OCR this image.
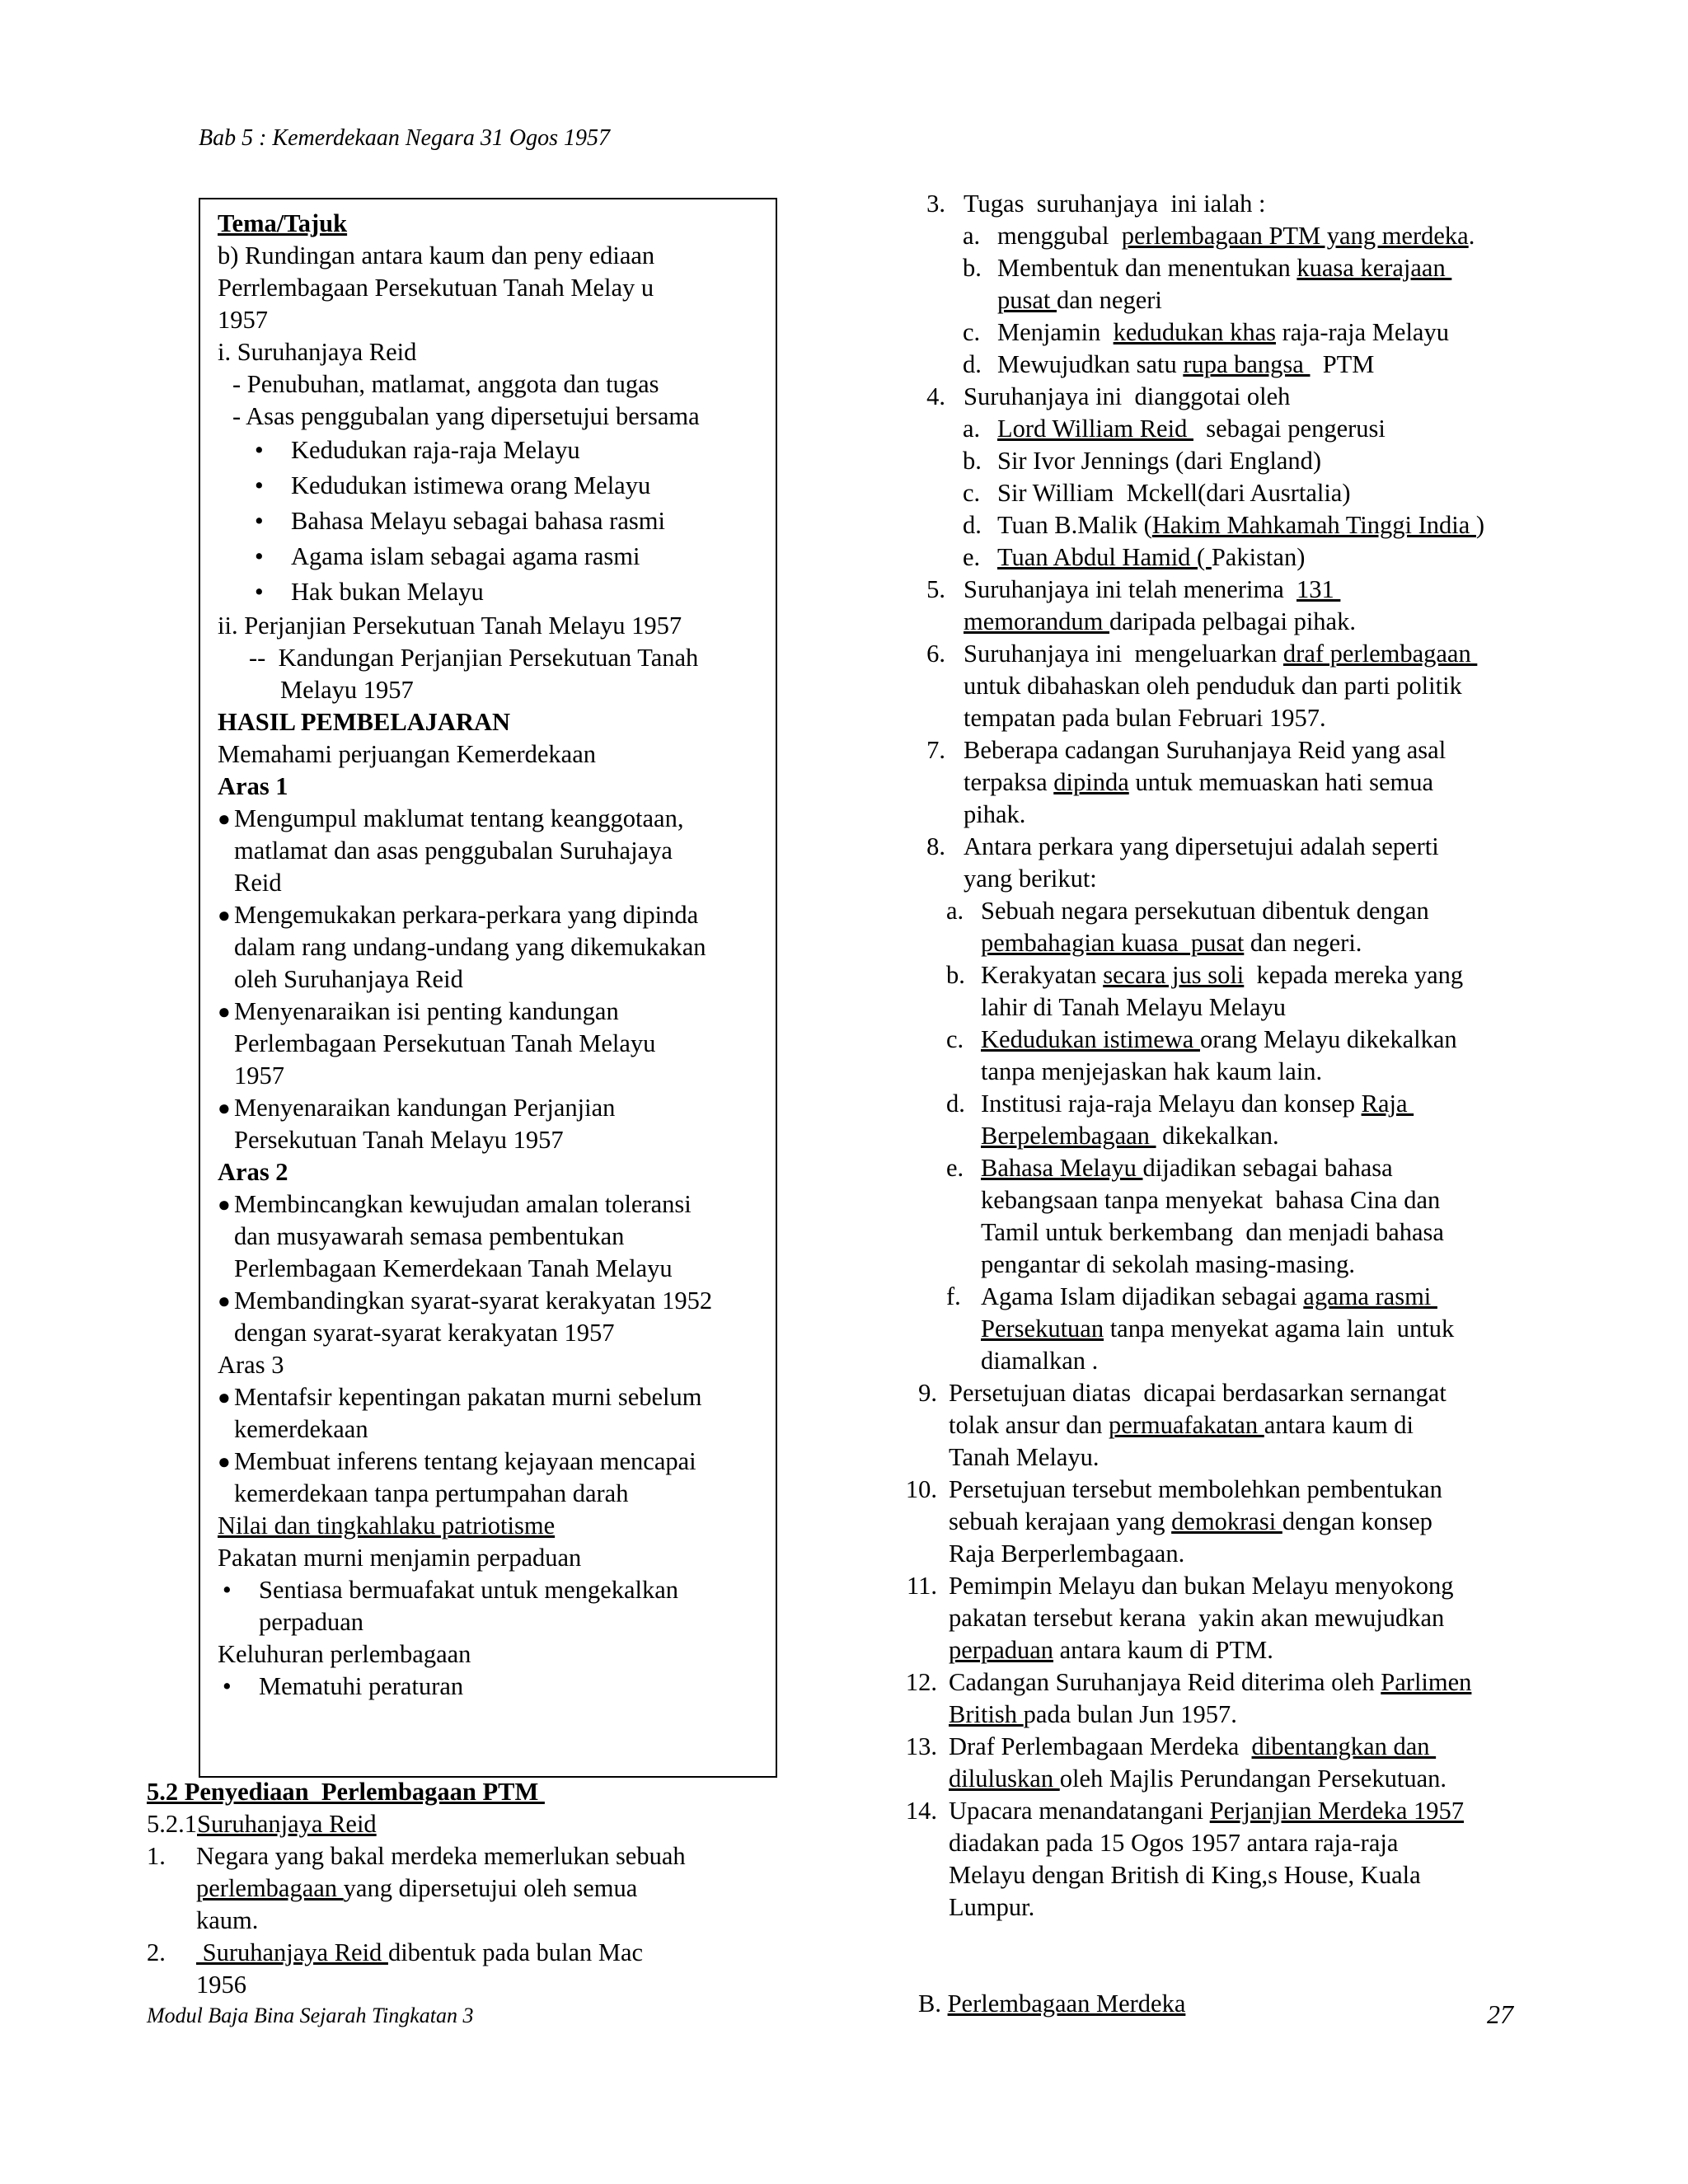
Bab 5 : Kemerdekaan Negara 31 Ogos 1957
Tema/Tajuk
b) Rundingan antara kaum dan peny ediaan
Perrlembagaan Persekutuan Tanah Melay u
1957
i. Suruhanjaya Reid
- Penubuhan, matlamat, anggota dan tugas
- Asas penggubalan yang dipersetujui bersama
• Kedudukan raja-raja Melayu
• Kedudukan istimewa orang Melayu
• Bahasa Melayu sebagai bahasa rasmi
• Agama islam sebagai agama rasmi
• Hak bukan Melayu
ii. Perjanjian Persekutuan Tanah Melayu 1957
--  Kandungan Perjanjian Persekutuan Tanah
Melayu 1957
HASIL PEMBELAJARAN
Memahami perjuangan Kemerdekaan
Aras 1
● Mengumpul maklumat tentang keanggotaan,
matlamat dan asas penggubalan Suruhajaya
Reid
● Mengemukakan perkara-perkara yang dipinda
dalam rang undang-undang yang dikemukakan
oleh Suruhanjaya Reid
● Menyenaraikan isi penting kandungan
Perlembagaan Persekutuan Tanah Melayu
1957
● Menyenaraikan kandungan Perjanjian
Persekutuan Tanah Melayu 1957
Aras 2
● Membincangkan kewujudan amalan toleransi
dan musyawarah semasa pembentukan
Perlembagaan Kemerdekaan Tanah Melayu
● Membandingkan syarat-syarat kerakyatan 1952
dengan syarat-syarat kerakyatan 1957
Aras 3
● Mentafsir kepentingan pakatan murni sebelum
kemerdekaan
● Membuat inferens tentang kejayaan mencapai
kemerdekaan tanpa pertumpahan darah
Nilai dan tingkahlaku patriotisme
Pakatan murni menjamin perpaduan
• Sentiasa bermuafakat untuk mengekalkan
perpaduan
Keluhuran perlembagaan
• Mematuhi peraturan
5.2 Penyediaan  Perlembagaan PTM
5.2.1Suruhanjaya Reid
1.	Negara yang bakal merdeka memerlukan sebuah
perlembagaan yang dipersetujui oleh semua
kaum.
2.	Suruhanjaya Reid dibentuk pada bulan Mac
1956
3. Tugas  suruhanjaya  ini ialah :
a. menggubal  perlembagaan PTM yang merdeka.
b. Membentuk dan menentukan kuasa kerajaan
pusat dan negeri
c. Menjamin  kedudukan khas raja-raja Melayu
d. Mewujudkan satu rupa bangsa   PTM
4. Suruhanjaya ini  dianggotai oleh
a. Lord William Reid   sebagai pengerusi
b. Sir Ivor Jennings (dari England)
c. Sir William  Mckell(dari Ausrtalia)
d. Tuan B.Malik (Hakim Mahkamah Tinggi India )
e. Tuan Abdul Hamid ( Pakistan)
5. Suruhanjaya ini telah menerima  131
memorandum daripada pelbagai pihak.
6. Suruhanjaya ini  mengeluarkan draf perlembagaan
untuk dibahaskan oleh penduduk dan parti politik
tempatan pada bulan Februari 1957.
7. Beberapa cadangan Suruhanjaya Reid yang asal
terpaksa dipinda untuk memuaskan hati semua
pihak.
8. Antara perkara yang dipersetujui adalah seperti
yang berikut:
a. Sebuah negara persekutuan dibentuk dengan
pembahagian kuasa  pusat dan negeri.
b. Kerakyatan secara jus soli  kepada mereka yang
lahir di Tanah Melayu Melayu
c. Kedudukan istimewa orang Melayu dikekalkan
tanpa menjejaskan hak kaum lain.
d. Institusi raja-raja Melayu dan konsep Raja
Berpelembagaan  dikekalkan.
e. Bahasa Melayu dijadikan sebagai bahasa
kebangsaan tanpa menyekat  bahasa Cina dan
Tamil untuk berkembang  dan menjadi bahasa
pengantar di sekolah masing-masing.
f. Agama Islam dijadikan sebagai agama rasmi
Persekutuan tanpa menyekat agama lain  untuk
diamalkan .
9. Persetujuan diatas  dicapai berdasarkan sernangat
tolak ansur dan permuafakatan antara kaum di
Tanah Melayu.
10. Persetujuan tersebut membolehkan pembentukan
sebuah kerajaan yang demokrasi dengan konsep
Raja Berperlembagaan.
11. Pemimpin Melayu dan bukan Melayu menyokong
pakatan tersebut kerana  yakin akan mewujudkan
perpaduan antara kaum di PTM.
12. Cadangan Suruhanjaya Reid diterima oleh Parlimen
British pada bulan Jun 1957.
13. Draf Perlembagaan Merdeka  dibentangkan dan
diluluskan oleh Majlis Perundangan Persekutuan.
14. Upacara menandatangani Perjanjian Merdeka 1957
diadakan pada 15 Ogos 1957 antara raja-raja
Melayu dengan British di King,s House, Kuala
Lumpur.
B. Perlembagaan Merdeka
Modul Baja Bina Sejarah Tingkatan 3	27
